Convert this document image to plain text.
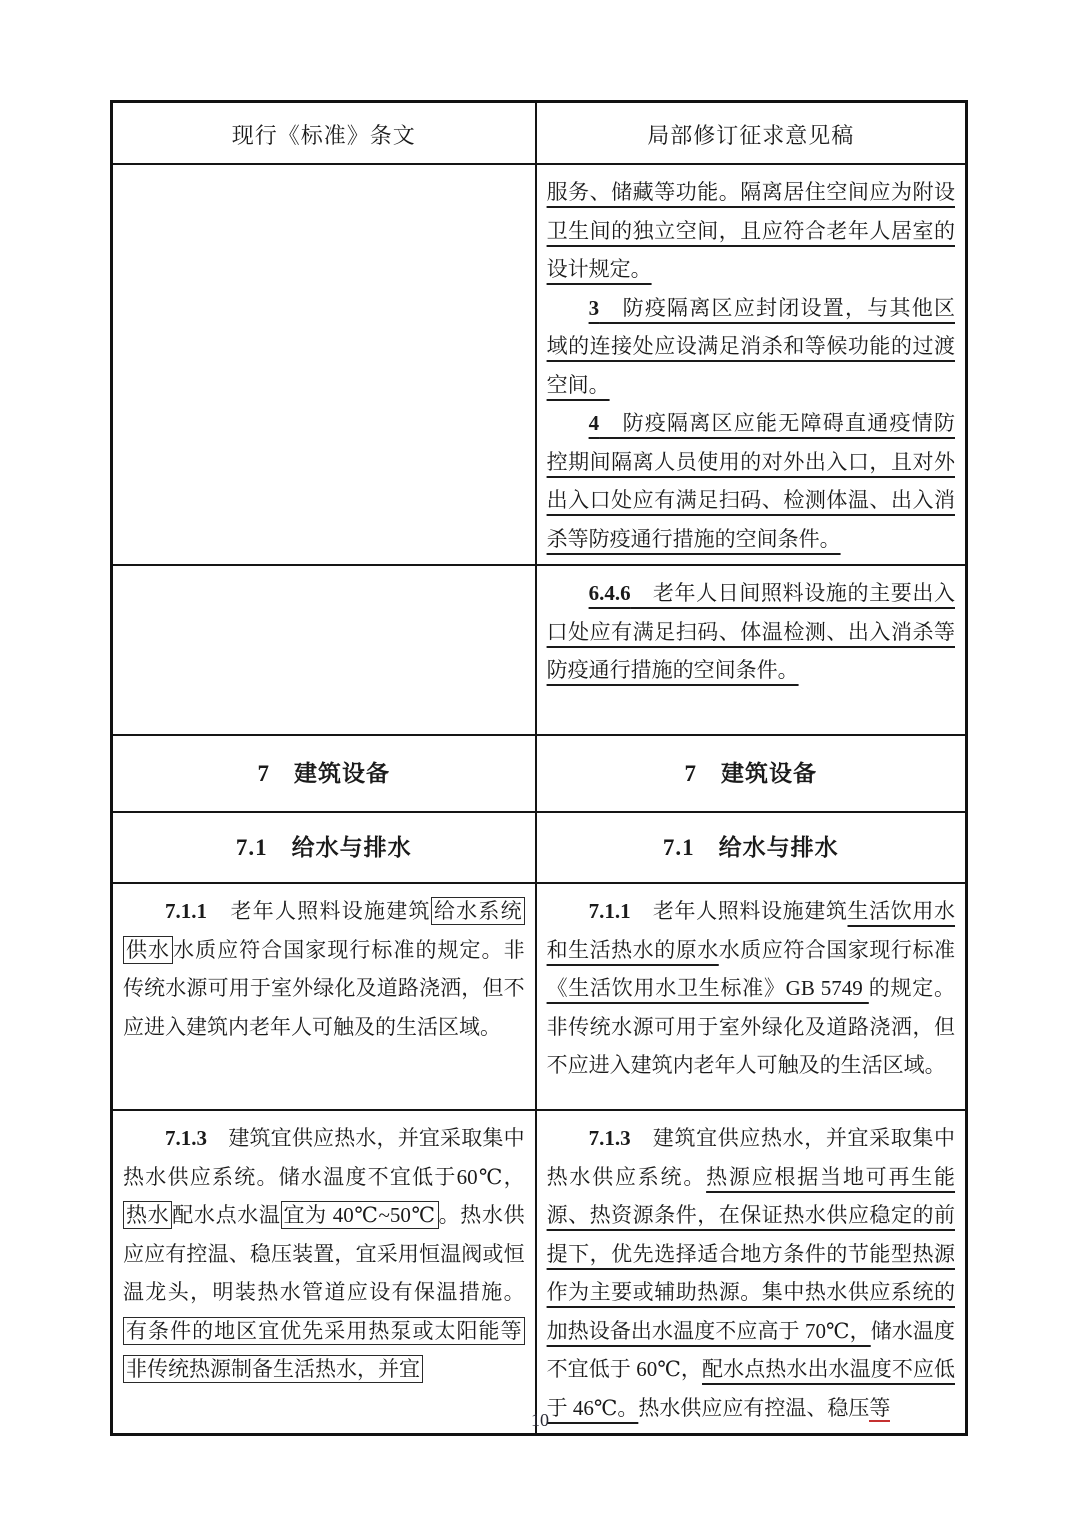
现行《标准》条文	局部修订征求意见稿

	服务、储藏等功能。隔离居住空间应为附设卫生间的独立空间，且应符合老年人居室的设计规定。

3　防疫隔离区应封闭设置，与其他区域的连接处应设满足消杀和等候功能的过渡空间。

4　防疫隔离区应能无障碍直通疫情防控期间隔离人员使用的对外出入口，且对外出入口处应有满足扫码、检测体温、出入消杀等防疫通行措施的空间条件。

	6.4.6　老年人日间照料设施的主要出入口处应有满足扫码、体温检测、出入消杀等防疫通行措施的空间条件。

7　建筑设备	7　建筑设备

7.1　给水与排水	7.1　给水与排水

7.1.1　老年人照料设施建筑 给水系统供水 水质应符合国家现行标准的规定。非传统水源可用于室外绿化及道路浇洒，但不应进入建筑内老年人可触及的生活区域。	7.1.1　老年人照料设施建筑生活饮用水和生活热水的原水水质应符合国家现行标准《生活饮用水卫生标准》GB 5749 的规定。非传统水源可用于室外绿化及道路浇洒，但不应进入建筑内老年人可触及的生活区域。

7.1.3　建筑宜供应热水，并宜采取集中热水供应系统。储水温度不宜低于60℃，热水 配水点水温 宜为 40℃~50℃ 。热水供应应有控温、稳压装置，宜采用恒温阀或恒温龙头，明装热水管道应设有保温措施。有条件的地区宜优先采用热泵或太阳能等非传统热源制备生活热水，并宜	7.1.3　建筑宜供应热水，并宜采取集中热水供应系统。热源应根据当地可再生能源、热资源条件，在保证热水供应稳定的前提下，优先选择适合地方条件的节能型热源作为主要或辅助热源。集中热水供应系统的加热设备出水温度不应高于 70℃，储水温度不宜低于 60℃，配水点热水出水温度不应低于 46℃。热水供应应有控温、稳压等

10
